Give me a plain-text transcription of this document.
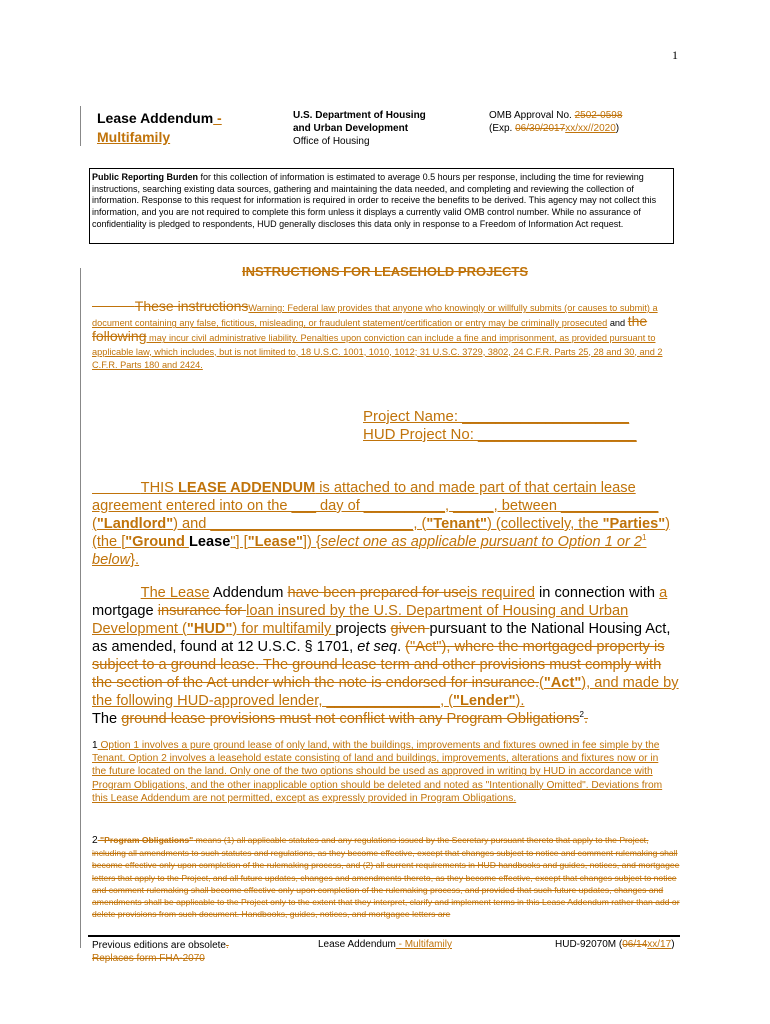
1
Lease Addendum -
Multifamily
U.S. Department of Housing
and Urban Development
Office of Housing
OMB Approval No. 2502-0598
(Exp. 06/30/2017xx/xx//2020)
Public Reporting Burden for this collection of information is estimated to average 0.5 hours per response, including the time for reviewing instructions, searching existing data sources, gathering and maintaining the data needed, and completing and reviewing the collection of information. Response to this request for information is required in order to receive the benefits to be derived. This agency may not collect this information, and you are not required to complete this form unless it displays a currently valid OMB control number. While no assurance of confidentiality is pledged to respondents, HUD generally discloses this data only in response to a Freedom of Information Act request.
INSTRUCTIONS FOR LEASEHOLD PROJECTS
These instructionsWarning: Federal law provides that anyone who knowingly or willfully submits (or causes to submit) a document containing any false, fictitious, misleading, or fraudulent statement/certification or entry may be criminally prosecuted and the following may incur civil administrative liability. Penalties upon conviction can include a fine and imprisonment, as provided pursuant to applicable law, which includes, but is not limited to, 18 U.S.C. 1001, 1010, 1012; 31 U.S.C. 3729, 3802, 24 C.F.R. Parts 25, 28 and 30, and 2 C.F.R. Parts 180 and 2424.
Project Name: ____________________
HUD Project No: ___________________
THIS LEASE ADDENDUM is attached to and made part of that certain lease agreement entered into on the ___ day of __________, _____, between ____________ ("Landlord") and _________________________, ("Tenant") (collectively, the "Parties") (the ["Ground Lease"] ["Lease"]) {select one as applicable pursuant to Option 1 or $2^1$ below}.
The Lease Addendum have been prepared for useis required in connection with a mortgage insurance for loan insured by the U.S. Department of Housing and Urban Development ("HUD") for multifamily projects given pursuant to the National Housing Act, as amended, found at 12 U.S.C. § 1701, et seq. ("Act"), where the mortgaged property is subject to a ground lease. The ground lease term and other provisions must comply with the section of the Act under which the note is endorsed for insurance.("Act"), and made by the following HUD-approved lender, ______________, ("Lender").
The ground lease provisions must not conflict with any Program Obligations$^2$.
1 Option 1 involves a pure ground lease of only land, with the buildings, improvements and fixtures owned in fee simple by the Tenant. Option 2 involves a leasehold estate consisting of land and buildings, improvements, alterations and fixtures now or in the future located on the land. Only one of the two options should be used as approved in writing by HUD in accordance with Program Obligations, and the other inapplicable option should be deleted and noted as "Intentionally Omitted". Deviations from this Lease Addendum are not permitted, except as expressly provided in Program Obligations.
2 "Program Obligations" means (1) all applicable statutes and any regulations issued by the Secretary pursuant thereto that apply to the Project, including all amendments to such statutes and regulations, as they become effective, except that changes subject to notice and comment rulemaking shall become effective only upon completion of the rulemaking process, and (2) all current requirements in HUD handbooks and guides, notices, and mortgagee letters that apply to the Project, and all future updates, changes and amendments thereto, as they become effective, except that changes subject to notice and comment rulemaking shall become effective only upon completion of the rulemaking process, and provided that such future updates, changes and amendments shall be applicable to the Project only to the extent that they interpret, clarify and implement terms in this Lease Addendum rather than add or delete provisions from such document. Handbooks, guides, notices, and mortgagee letters are
Previous editions are obsolete.
Replaces form FHA-2070
Lease Addendum - Multifamily	HUD-92070M (06/14xx/17)
